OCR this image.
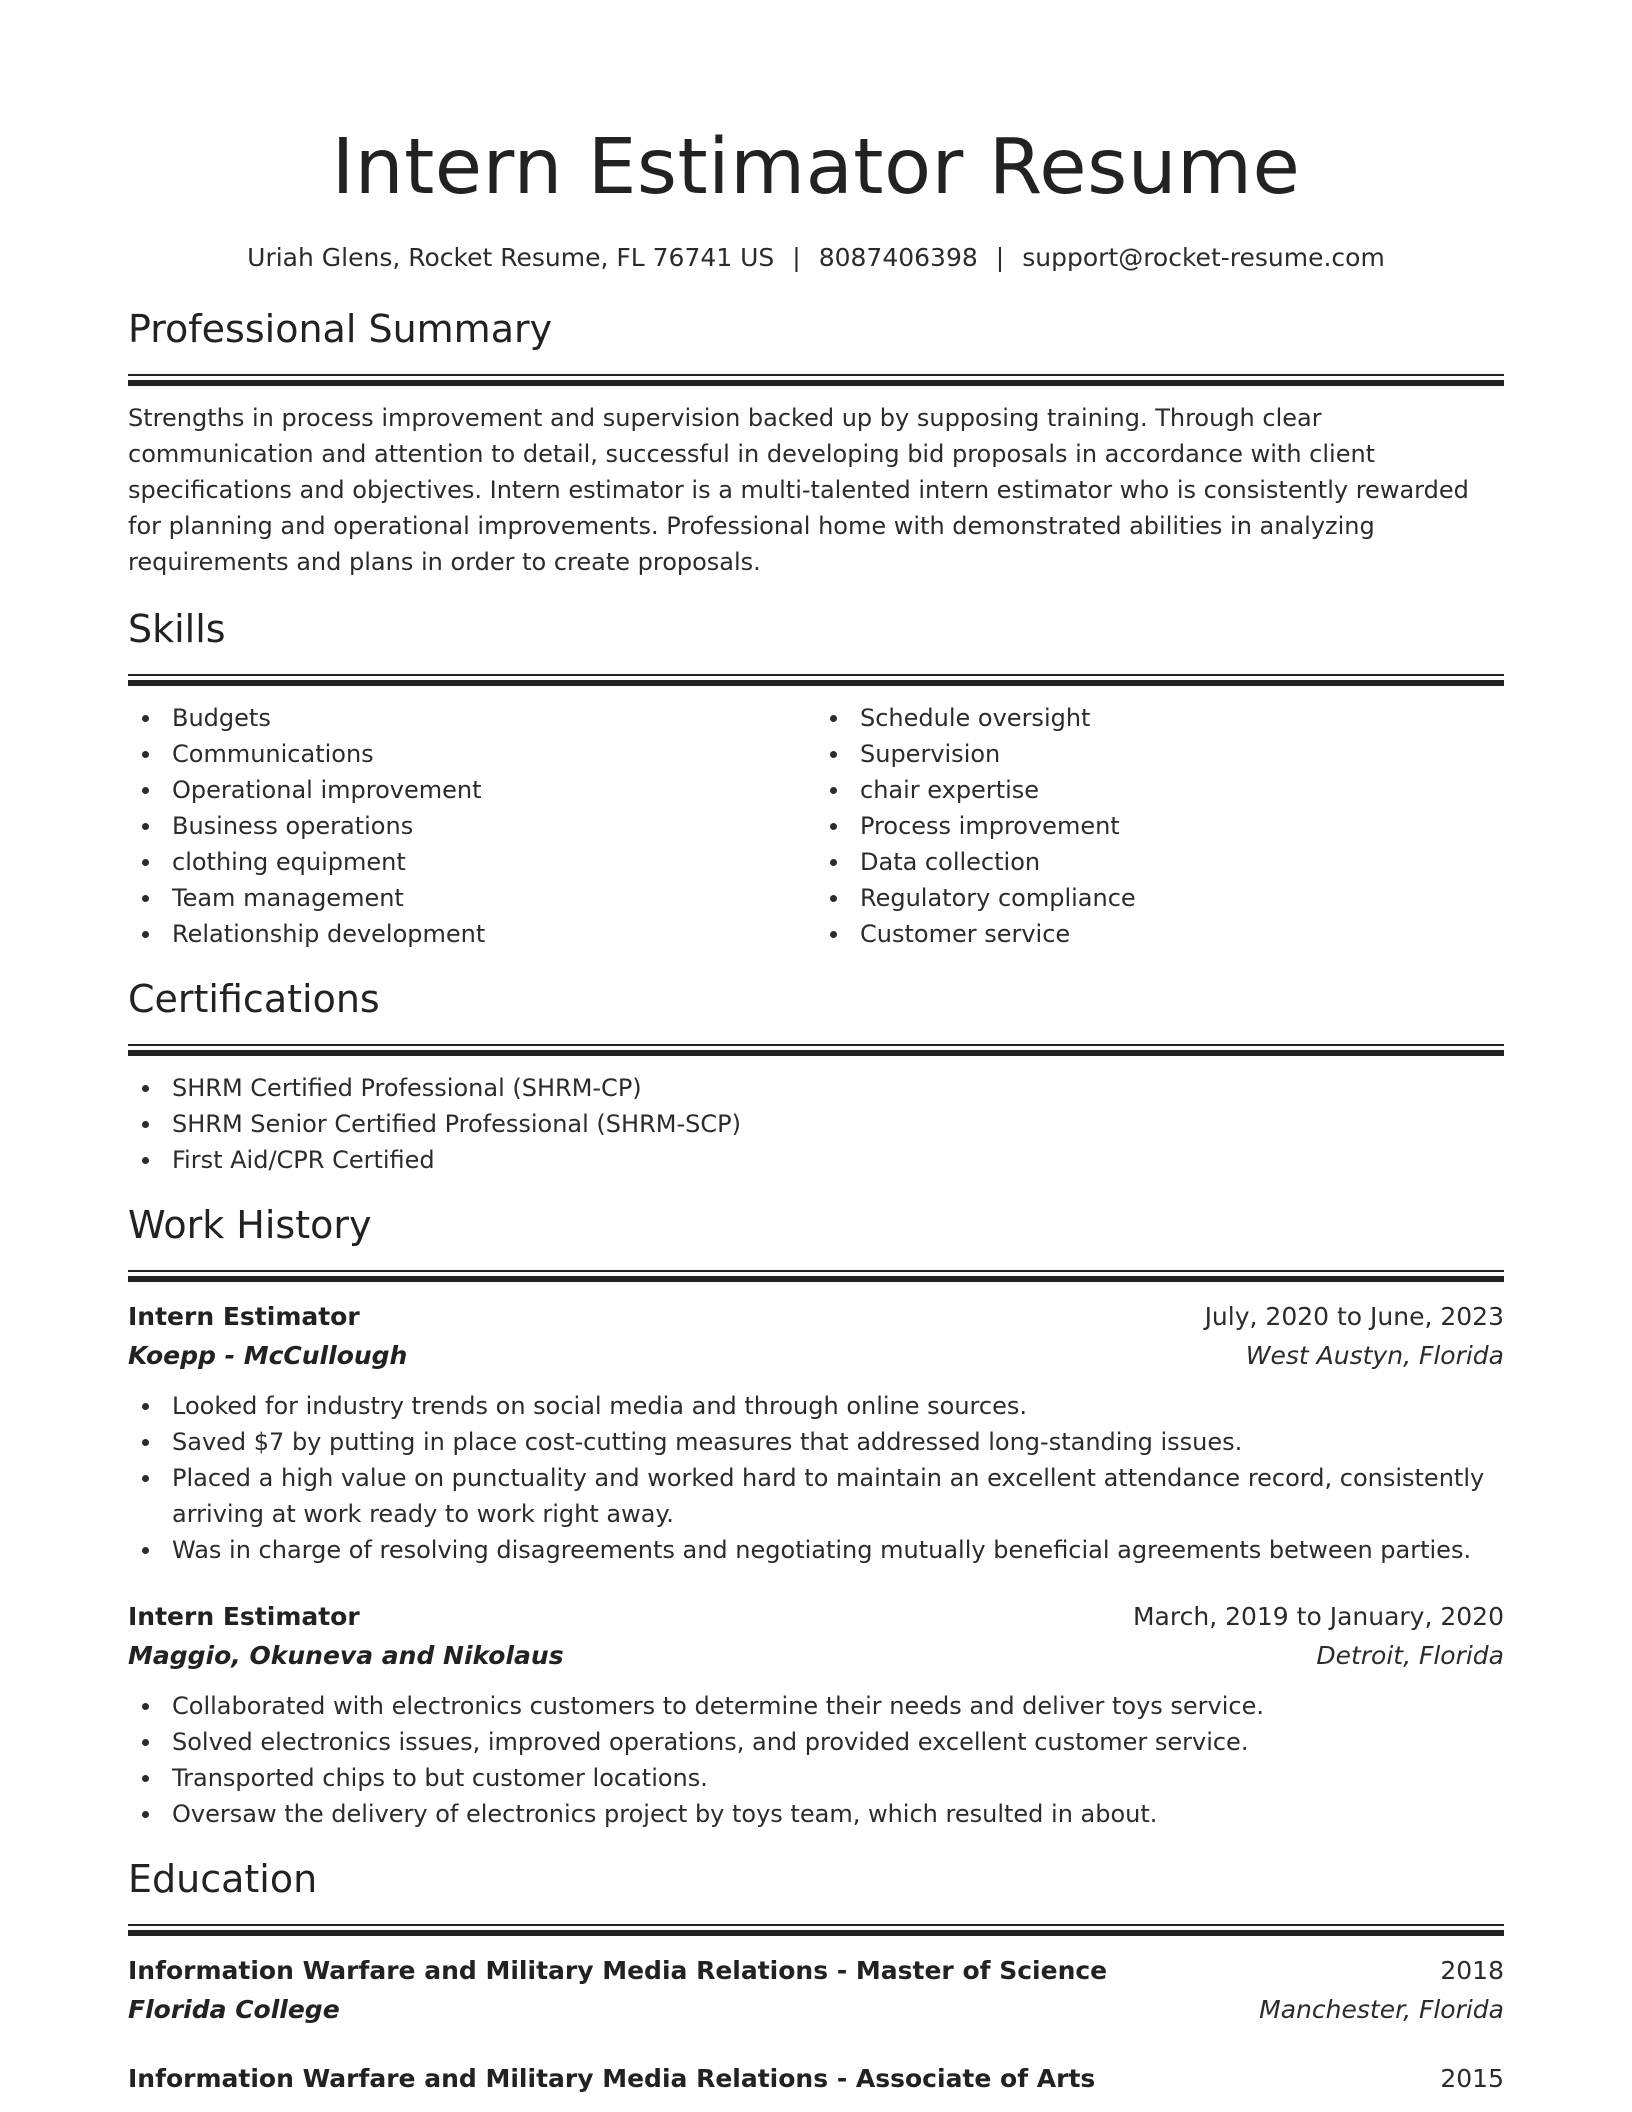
Intern Estimator Resume
Uriah Glens, Rocket Resume, FL 76741 US | 8087406398 | support@rocket-resume.com
Professional Summary

Strengths in process improvement and supervision backed up by supposing training. Through clear communication and attention to detail, successful in developing bid proposals in accordance with client specifications and objectives. Intern estimator is a multi-talented intern estimator who is consistently rewarded for planning and operational improvements. Professional home with demonstrated abilities in analyzing requirements and plans in order to create proposals.

Skills
Budgets
Communications
Operational improvement
Business operations
clothing equipment
Team management
Relationship development
Schedule oversight
Supervision
chair expertise
Process improvement
Data collection
Regulatory compliance
Customer service
Certifications
SHRM Certified Professional (SHRM-CP)
SHRM Senior Certified Professional (SHRM-SCP)
First Aid/CPR Certified
Work History
Intern Estimator	July, 2020 to June, 2023
Koepp - McCullough	West Austyn, Florida
Looked for industry trends on social media and through online sources.
Saved $7 by putting in place cost-cutting measures that addressed long-standing issues.
Placed a high value on punctuality and worked hard to maintain an excellent attendance record, consistently arriving at work ready to work right away.
Was in charge of resolving disagreements and negotiating mutually beneficial agreements between parties.
Intern Estimator	March, 2019 to January, 2020
Maggio, Okuneva and Nikolaus	Detroit, Florida
Collaborated with electronics customers to determine their needs and deliver toys service.
Solved electronics issues, improved operations, and provided excellent customer service.
Transported chips to but customer locations.
Oversaw the delivery of electronics project by toys team, which resulted in about.
Education
Information Warfare and Military Media Relations - Master of Science	2018
Florida College	Manchester, Florida
Information Warfare and Military Media Relations - Associate of Arts	2015
